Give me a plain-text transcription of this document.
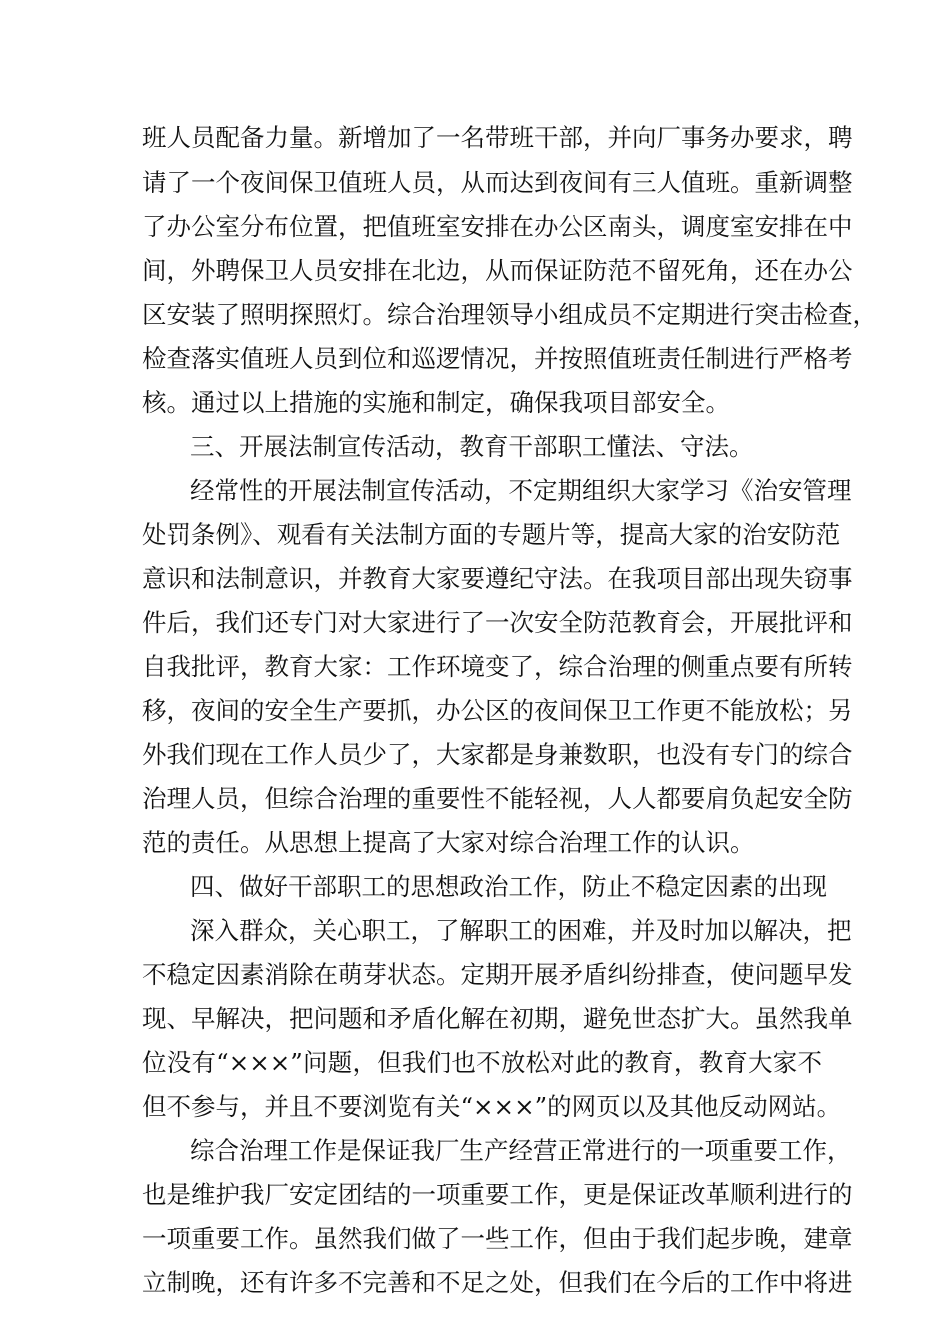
班人员配备力量。新增加了一名带班干部，并向厂事务办要求，聘
请了一个夜间保卫值班人员，从而达到夜间有三人值班。重新调整
了办公室分布位置，把值班室安排在办公区南头，调度室安排在中
间，外聘保卫人员安排在北边，从而保证防范不留死角，还在办公
区安装了照明探照灯。综合治理领导小组成员不定期进行突击检查，
检查落实值班人员到位和巡逻情况，并按照值班责任制进行严格考
核。通过以上措施的实施和制定，确保我项目部安全。
三、开展法制宣传活动，教育干部职工懂法、守法。
经常性的开展法制宣传活动，不定期组织大家学习《治安管理
处罚条例》、观看有关法制方面的专题片等，提高大家的治安防范
意识和法制意识，并教育大家要遵纪守法。在我项目部出现失窃事
件后，我们还专门对大家进行了一次安全防范教育会，开展批评和
自我批评，教育大家：工作环境变了，综合治理的侧重点要有所转
移，夜间的安全生产要抓，办公区的夜间保卫工作更不能放松；另
外我们现在工作人员少了，大家都是身兼数职，也没有专门的综合
治理人员，但综合治理的重要性不能轻视，人人都要肩负起安全防
范的责任。从思想上提高了大家对综合治理工作的认识。
四、做好干部职工的思想政治工作，防止不稳定因素的出现
深入群众，关心职工，了解职工的困难，并及时加以解决，把
不稳定因素消除在萌芽状态。定期开展矛盾纠纷排查，使问题早发
现、早解决，把问题和矛盾化解在初期，避免世态扩大。虽然我单
位没有“×××”问题，但我们也不放松对此的教育，教育大家不
但不参与，并且不要浏览有关“×××”的网页以及其他反动网站。
综合治理工作是保证我厂生产经营正常进行的一项重要工作，
也是维护我厂安定团结的一项重要工作，更是保证改革顺利进行的
一项重要工作。虽然我们做了一些工作，但由于我们起步晚，建章
立制晚，还有许多不完善和不足之处，但我们在今后的工作中将进
